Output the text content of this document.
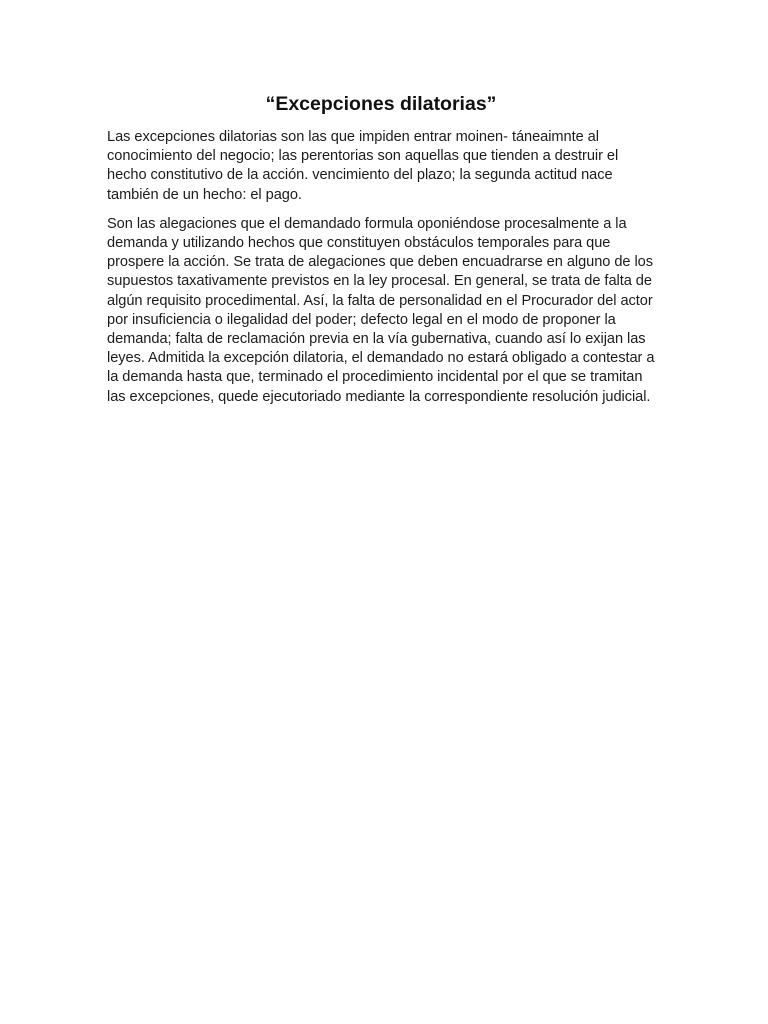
“Excepciones dilatorias”

Las excepciones dilatorias son las que impiden entrar moinen- táneaimnte al conocimiento del negocio; las perentorias son aquellas que tienden a destruir el hecho constitutivo de la acción. vencimiento del plazo; la segunda actitud nace también de un hecho: el pago.

Son las alegaciones que el demandado formula oponiéndose procesalmente a la demanda y utilizando hechos que constituyen obstáculos temporales para que prospere la acción. Se trata de alegaciones que deben encuadrarse en alguno de los supuestos taxativamente previstos en la ley procesal. En general, se trata de falta de algún requisito procedimental. Así, la falta de personalidad en el Procurador del actor por insuficiencia o ilegalidad del poder; defecto legal en el modo de proponer la demanda; falta de reclamación previa en la vía gubernativa, cuando así lo exijan las leyes. Admitida la excepción dilatoria, el demandado no estará obligado a contestar a la demanda hasta que, terminado el procedimiento incidental por el que se tramitan las excepciones, quede ejecutoriado mediante la correspondiente resolución judicial.
